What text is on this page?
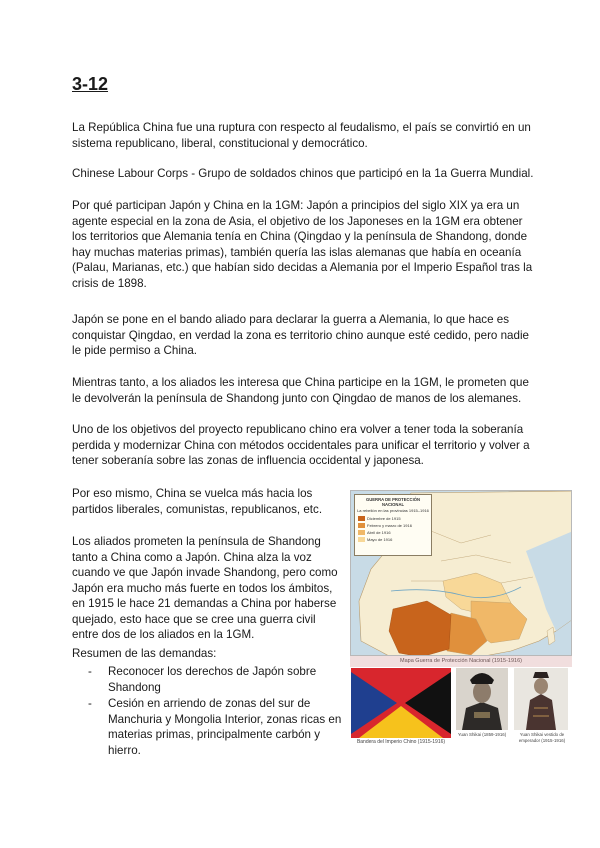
3-12

La República China fue una ruptura con respecto al feudalismo, el país se convirtió en un sistema republicano, liberal, constitucional y democrático.

Chinese Labour Corps - Grupo de soldados chinos que participó en la 1a Guerra Mundial.

Por qué participan Japón y China en la 1GM: Japón a principios del siglo XIX ya era un agente especial en la zona de Asia, el objetivo de los Japoneses en la 1GM era obtener los territorios que Alemania tenía en China (Qingdao y la península de Shandong, donde hay muchas materias primas), también quería las islas alemanas que había en oceanía (Palau, Marianas, etc.) que habían sido decidas a Alemania por el Imperio Español tras la crisis de 1898.

Japón se pone en el bando aliado para declarar la guerra a Alemania, lo que hace es conquistar Qingdao, en verdad la zona es territorio chino aunque esté cedido, pero nadie le pide permiso a China.

Mientras tanto, a los aliados les interesa que China participe en la 1GM, le prometen que le devolverán la península de Shandong junto con Qingdao de manos de los alemanes.

Uno de los objetivos del proyecto republicano chino era volver a tener toda la soberanía perdida y modernizar China con métodos occidentales para unificar el territorio y volver a tener soberanía sobre las zonas de influencia occidental y japonesa.

Por eso mismo, China se vuelca más hacia los partidos liberales, comunistas, republicanos, etc.

Los aliados prometen la península de Shandong tanto a China como a Japón. China alza la voz cuando ve que Japón invade Shandong, pero como Japón era mucho más fuerte en todos los ámbitos, en 1915 le hace 21 demandas a China por haberse quejado, esto hace que se cree una guerra civil entre dos de los aliados en la 1GM.

Resumen de las demandas:

- Reconocer los derechos de Japón sobre Shandong
- Cesión en arriendo de zonas del sur de Manchuria y Mongolia Interior, zonas ricas en materias primas, principalmente carbón y hierro.
GUERRA DE PROTECCIÓN NACIONAL
La rebelión en las provincias 1915–1916
Diciembre de 1915
Febrero y marzo de 1916
Abril de 1916
Mayo de 1916
Mapa Guerra de Protección Nacional (1915-1916)
Bandera del Imperio Chino (1915-1916)
Yuan Shikai (1859-1916)	Yuan Shikai vestido de emperador (1915-1916)
